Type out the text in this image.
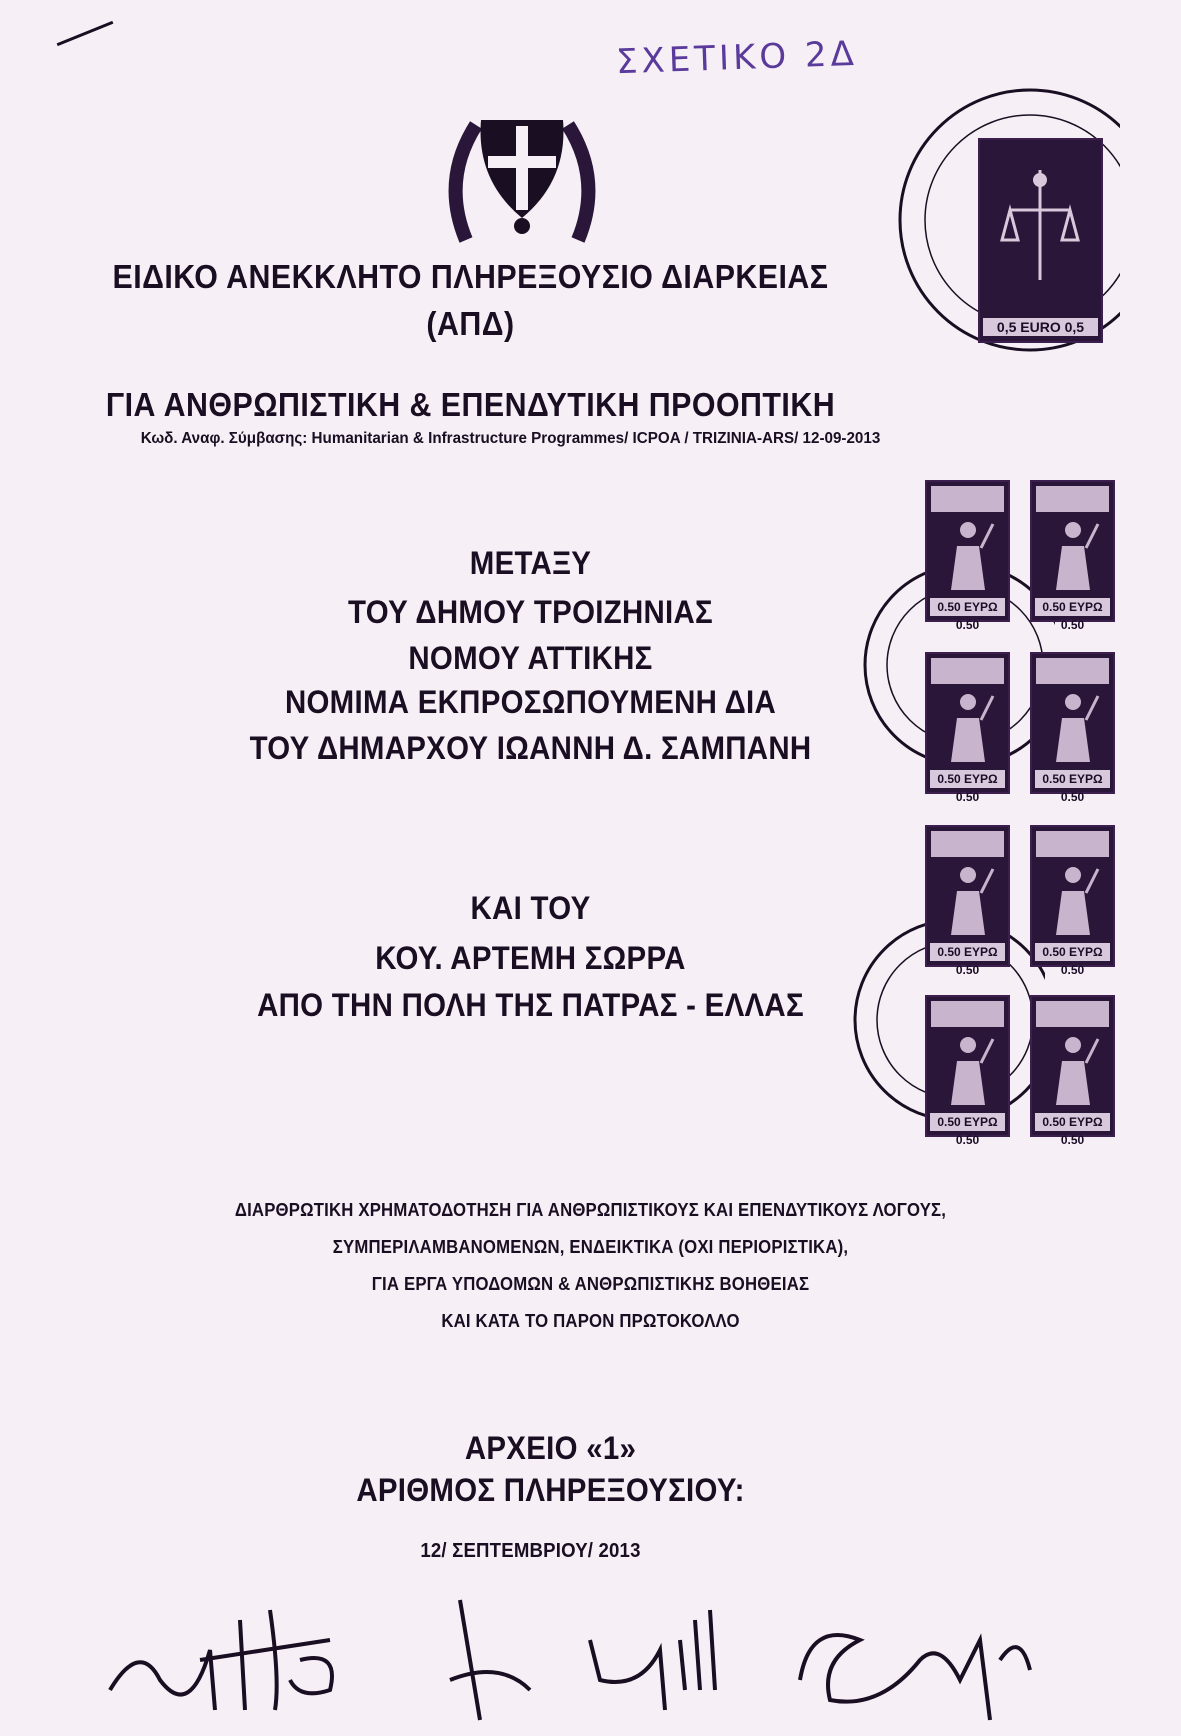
ΣΧΕΤΙΚΟ 2Δ
0,5 EURO 0,5
0.50 EYPΩ 0.50
0.50 EYPΩ 0.50
0.50 EYPΩ 0.50
0.50 EYPΩ 0.50
0.50 EYPΩ 0.50
0.50 EYPΩ 0.50
0.50 EYPΩ 0.50
0.50 EYPΩ 0.50
ΕΙΔΙΚΟ ΑΝΕΚΚΛΗΤΟ ΠΛΗΡΕΞΟΥΣΙΟ ΔΙΑΡΚΕΙΑΣ
(ΑΠΔ)
ΓΙΑ ΑΝΘΡΩΠΙΣΤΙΚΗ & ΕΠΕΝΔΥΤΙΚΗ ΠΡΟΟΠΤΙΚΗ
Κωδ. Αναφ. Σύμβασης: Humanitarian & Infrastructure Programmes/ ICPOA / TRIZINIA-ARS/ 12-09-2013
ΜΕΤΑΞΥ
ΤΟΥ ΔΗΜΟΥ ΤΡΟΙΖΗΝΙΑΣ
ΝΟΜΟΥ ΑΤΤΙΚΗΣ
ΝΟΜΙΜΑ ΕΚΠΡΟΣΩΠΟΥΜΕΝΗ ΔΙΑ
ΤΟΥ ΔΗΜΑΡΧΟΥ ΙΩΑΝΝΗ Δ. ΣΑΜΠΑΝΗ
ΚΑΙ ΤΟΥ
ΚΟΥ. ΑΡΤΕΜΗ ΣΩΡΡΑ
ΑΠΟ ΤΗΝ ΠΟΛΗ ΤΗΣ ΠΑΤΡΑΣ - ΕΛΛΑΣ
ΔΙΑΡΘΡΩΤΙΚΗ ΧΡΗΜΑΤΟΔΟΤΗΣΗ ΓΙΑ ΑΝΘΡΩΠΙΣΤΙΚΟΥΣ ΚΑΙ ΕΠΕΝΔΥΤΙΚΟΥΣ ΛΟΓΟΥΣ,
ΣΥΜΠΕΡΙΛΑΜΒΑΝΟΜΕΝΩΝ, ΕΝΔΕΙΚΤΙΚΑ (ΟΧΙ ΠΕΡΙΟΡΙΣΤΙΚΑ),
ΓΙΑ ΕΡΓΑ ΥΠΟΔΟΜΩΝ & ΑΝΘΡΩΠΙΣΤΙΚΗΣ ΒΟΗΘΕΙΑΣ
ΚΑΙ ΚΑΤΑ ΤΟ ΠΑΡΟΝ ΠΡΩΤΟΚΟΛΛΟ
ΑΡΧΕΙΟ «1»
ΑΡΙΘΜΟΣ ΠΛΗΡΕΞΟΥΣΙΟΥ:
12/ ΣΕΠΤΕΜΒΡΙΟΥ/ 2013
